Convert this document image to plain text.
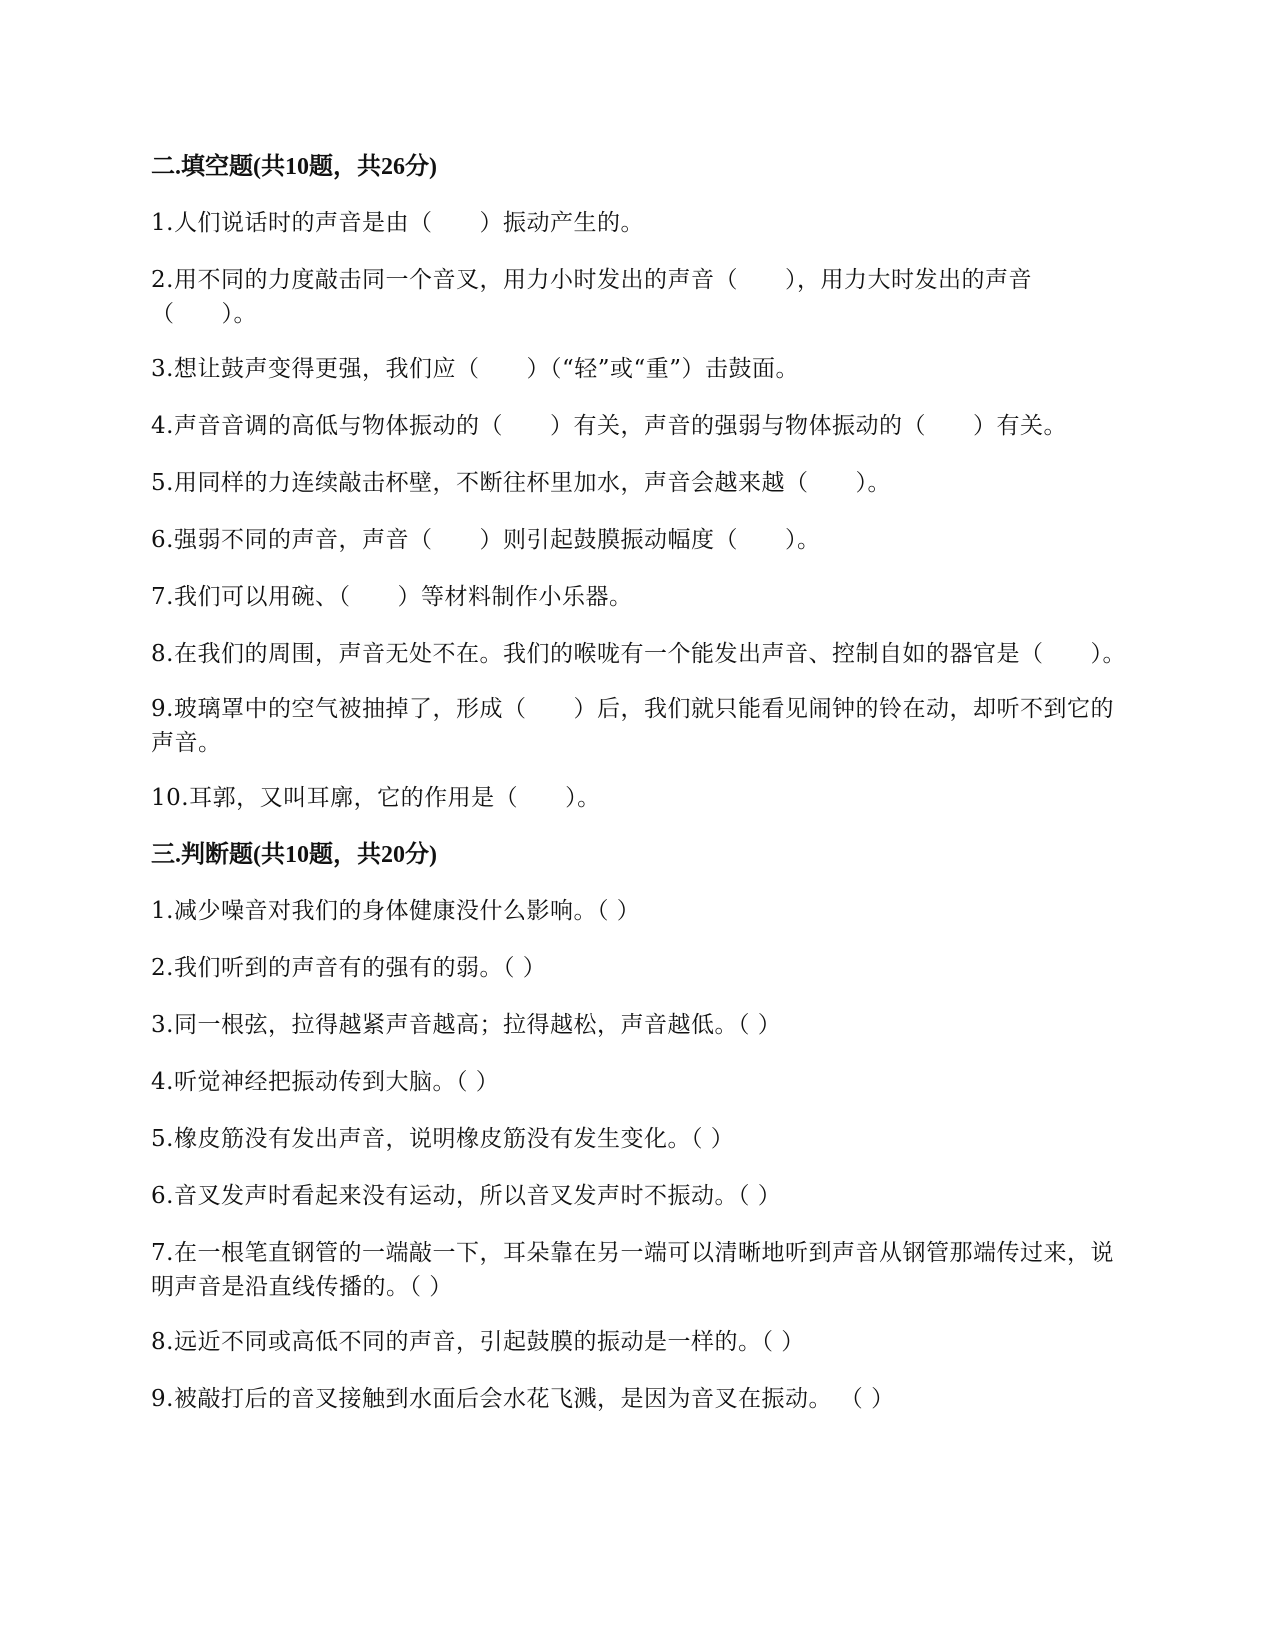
二.填空题(共10题，共26分)

1.人们说话时的声音是由（　　）振动产生的。

2.用不同的力度敲击同一个音叉，用力小时发出的声音（　　），用力大时发出的声音（　　）。

3.想让鼓声变得更强，我们应（　　）（“轻”或“重”）击鼓面。

4.声音音调的高低与物体振动的（　　）有关，声音的强弱与物体振动的（　　）有关。

5.用同样的力连续敲击杯壁，不断往杯里加水，声音会越来越（　　）。

6.强弱不同的声音，声音（　　）则引起鼓膜振动幅度（　　）。

7.我们可以用碗、（　　）等材料制作小乐器。

8.在我们的周围，声音无处不在。我们的喉咙有一个能发出声音、控制自如的器官是（　　）。

9.玻璃罩中的空气被抽掉了，形成（　　）后，我们就只能看见闹钟的铃在动，却听不到它的声音。

10.耳郭，又叫耳廓，它的作用是（　　）。

三.判断题(共10题，共20分)

1.减少噪音对我们的身体健康没什么影响。（ ）

2.我们听到的声音有的强有的弱。（ ）

3.同一根弦，拉得越紧声音越高；拉得越松，声音越低。（ ）

4.听觉神经把振动传到大脑。（ ）

5.橡皮筋没有发出声音，说明橡皮筋没有发生变化。（ ）

6.音叉发声时看起来没有运动，所以音叉发声时不振动。（ ）

7.在一根笔直钢管的一端敲一下，耳朵靠在另一端可以清晰地听到声音从钢管那端传过来，说明声音是沿直线传播的。（ ）

8.远近不同或高低不同的声音，引起鼓膜的振动是一样的。（ ）

9.被敲打后的音叉接触到水面后会水花飞溅，是因为音叉在振动。 （ ）
